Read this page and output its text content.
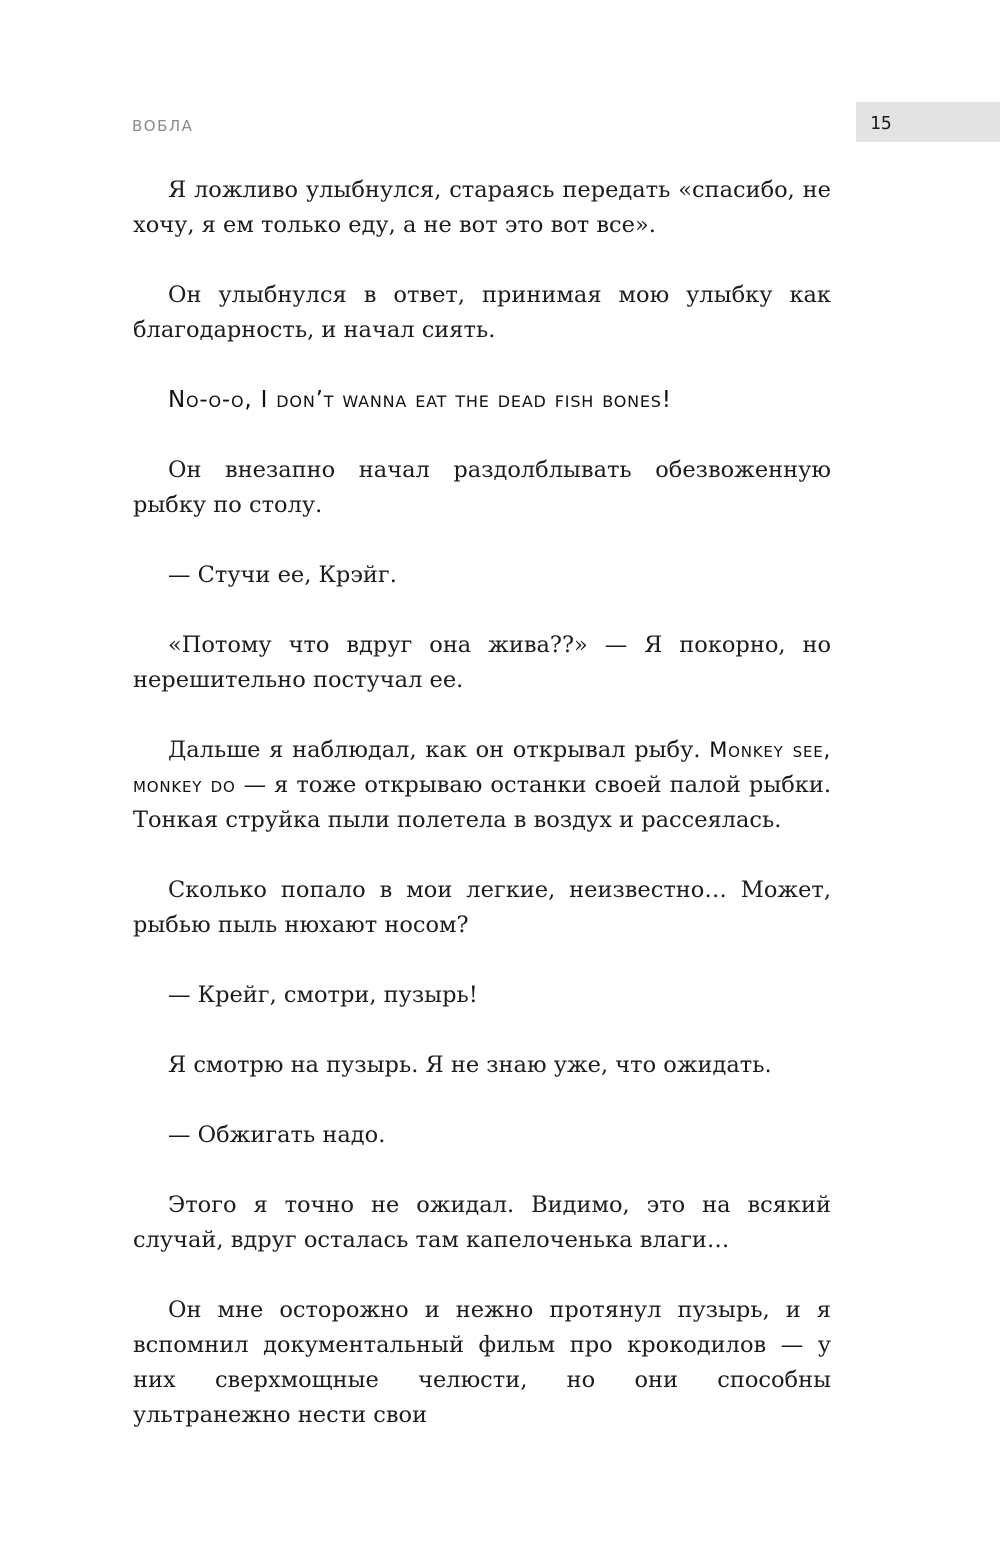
ВОБЛА	15

Я ложливо улыбнулся, стараясь передать «спасибо, не хочу, я ем только еду, а не вот это вот все».

Он улыбнулся в ответ, принимая мою улыбку как благодарность, и начал сиять.

No-o-o, I don’t wanna eat the dead fish bones!

Он внезапно начал раздолблывать обезвоженную рыбку по столу.

— Стучи ее, Крэйг.

«Потому что вдруг она жива??» — Я покорно, но нерешительно постучал ее.

Дальше я наблюдал, как он открывал рыбу. Monkey see, monkey do — я тоже открываю останки своей палой рыбки. Тонкая струйка пыли полетела в воздух и рассеялась.

Сколько попало в мои легкие, неизвестно… Может, рыбью пыль нюхают носом?

— Крейг, смотри, пузырь!

Я смотрю на пузырь. Я не знаю уже, что ожидать.

— Обжигать надо.

Этого я точно не ожидал. Видимо, это на всякий случай, вдруг осталась там капелоченька влаги…

Он мне осторожно и нежно протянул пузырь, и я вспомнил документальный фильм про крокодилов — у них сверхмощные челюсти, но они способны ультранежно нести свои
